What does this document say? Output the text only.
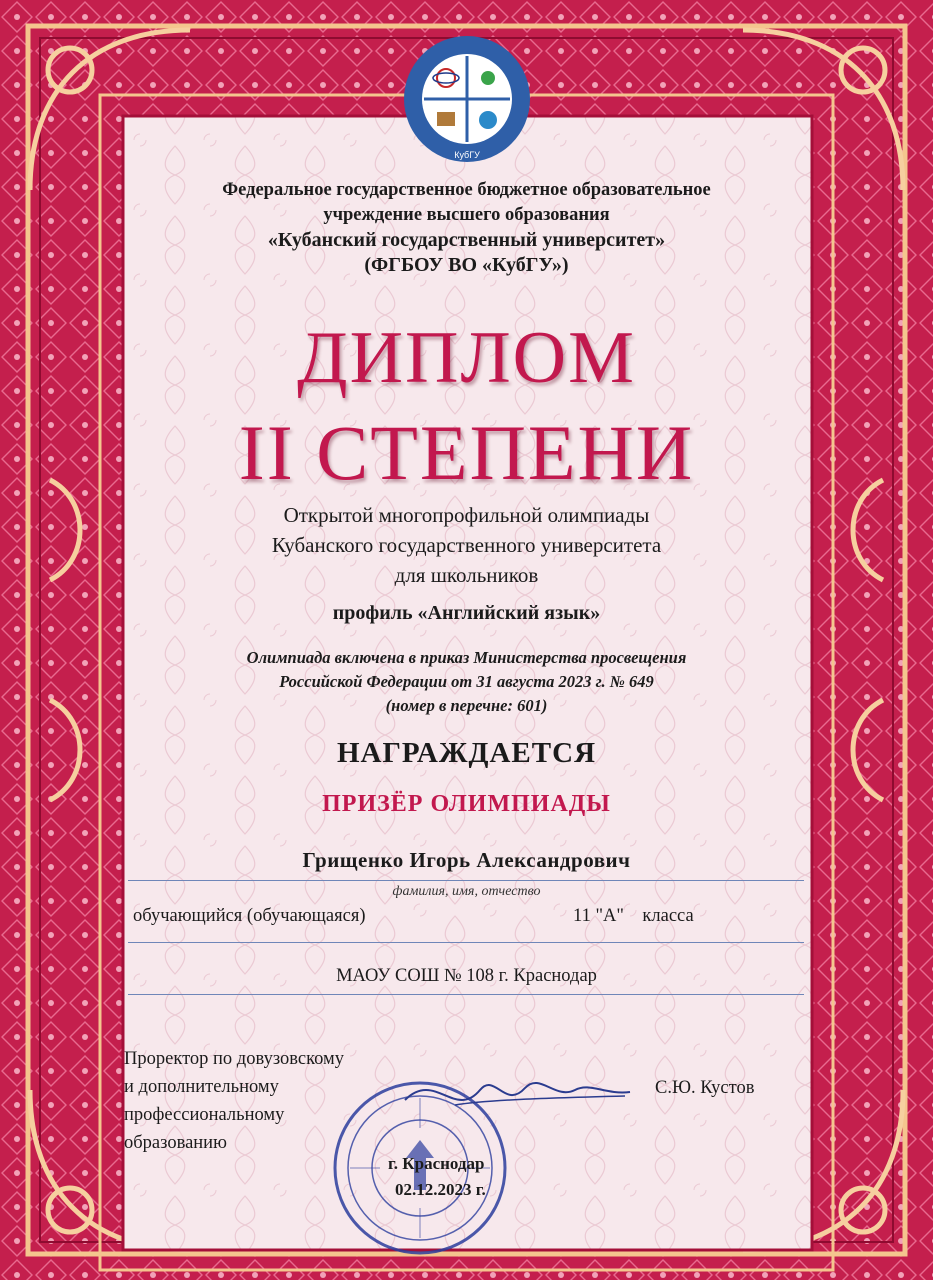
КубГУ
Федеральное государственное бюджетное образовательное
учреждение высшего образования
«Кубанский государственный университет»
(ФГБОУ ВО «КубГУ»)
ДИПЛОМ
II СТЕПЕНИ
Открытой многопрофильной олимпиады
Кубанского государственного университета
для школьников
профиль «Английский язык»
Олимпиада включена в приказ Министерства просвещения
Российской Федерации от 31 августа 2023 г. № 649
(номер в перечне: 601)
НАГРАЖДАЕТСЯ
ПРИЗЁР ОЛИМПИАДЫ
Грищенко Игорь Александрович
фамилия, имя, отчество
обучающийся (обучающаяся)	11 "А"    класса
МАОУ СОШ № 108 г. Краснодар
Проректор по довузовскому
и дополнительному
профессиональному
образованию
С.Ю. Кустов
г. Краснодар
02.12.2023 г.
